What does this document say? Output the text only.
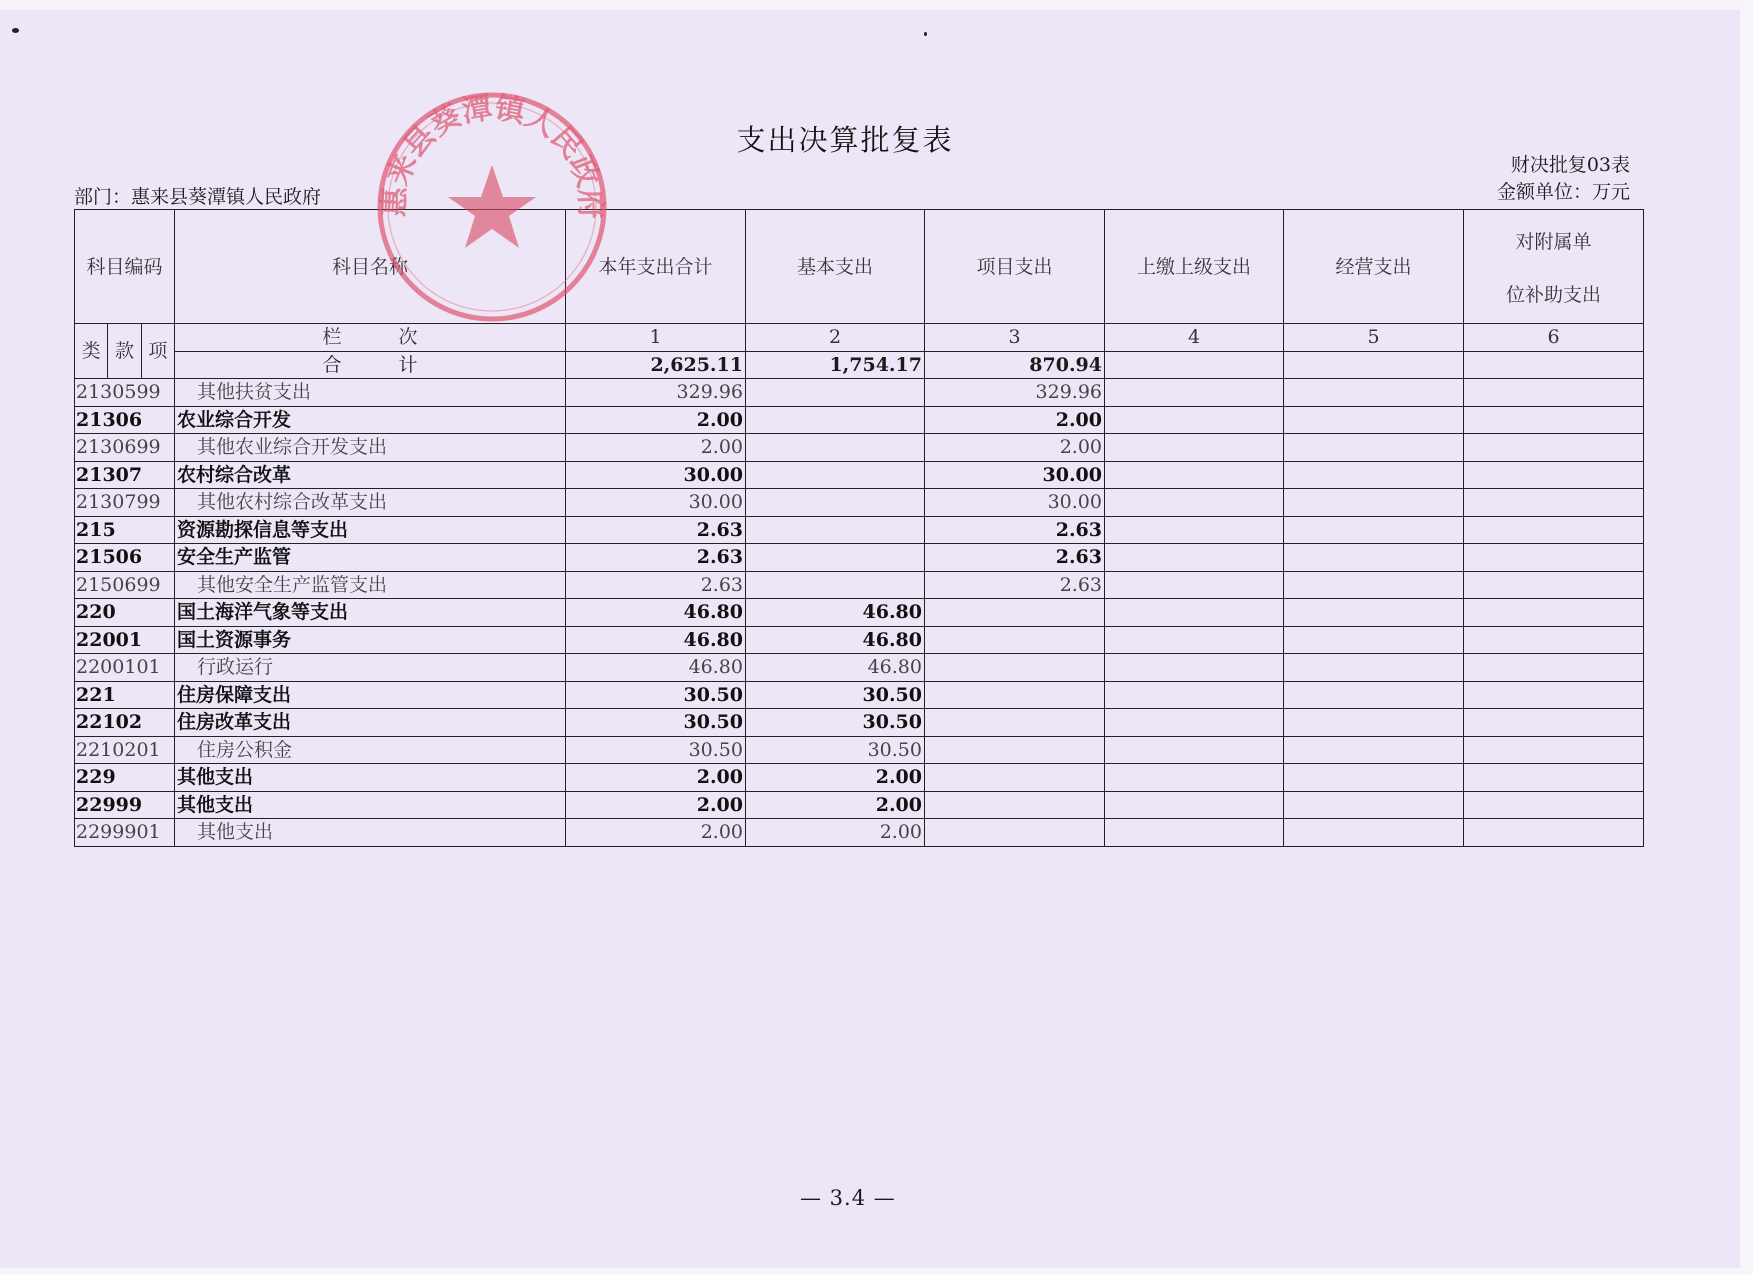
支出决算批复表
财决批复03表
金额单位：万元
部门：惠来县葵潭镇人民政府
科目编码	科目名称	本年支出合计	基本支出	项目支出	上缴上级支出	经营支出	对附属单
位补助支出

类 款 项	栏　　　次	1	2	3	4	5	6
	合　　　计	2,625.11	1,754.17	870.94			
2130599	其他扶贫支出	329.96		329.96			
21306	农业综合开发	2.00		2.00			
2130699	其他农业综合开发支出	2.00		2.00			
21307	农村综合改革	30.00		30.00			
2130799	其他农村综合改革支出	30.00		30.00			
215	资源勘探信息等支出	2.63		2.63			
21506	安全生产监管	2.63		2.63			
2150699	其他安全生产监管支出	2.63		2.63			
220	国土海洋气象等支出	46.80	46.80				
22001	国土资源事务	46.80	46.80				
2200101	行政运行	46.80	46.80				
221	住房保障支出	30.50	30.50				
22102	住房改革支出	30.50	30.50				
2210201	住房公积金	30.50	30.50				
229	其他支出	2.00	2.00				
22999	其他支出	2.00	2.00				
2299901	其他支出	2.00	2.00				
惠来县葵潭镇人民政府
— 3.4 —
